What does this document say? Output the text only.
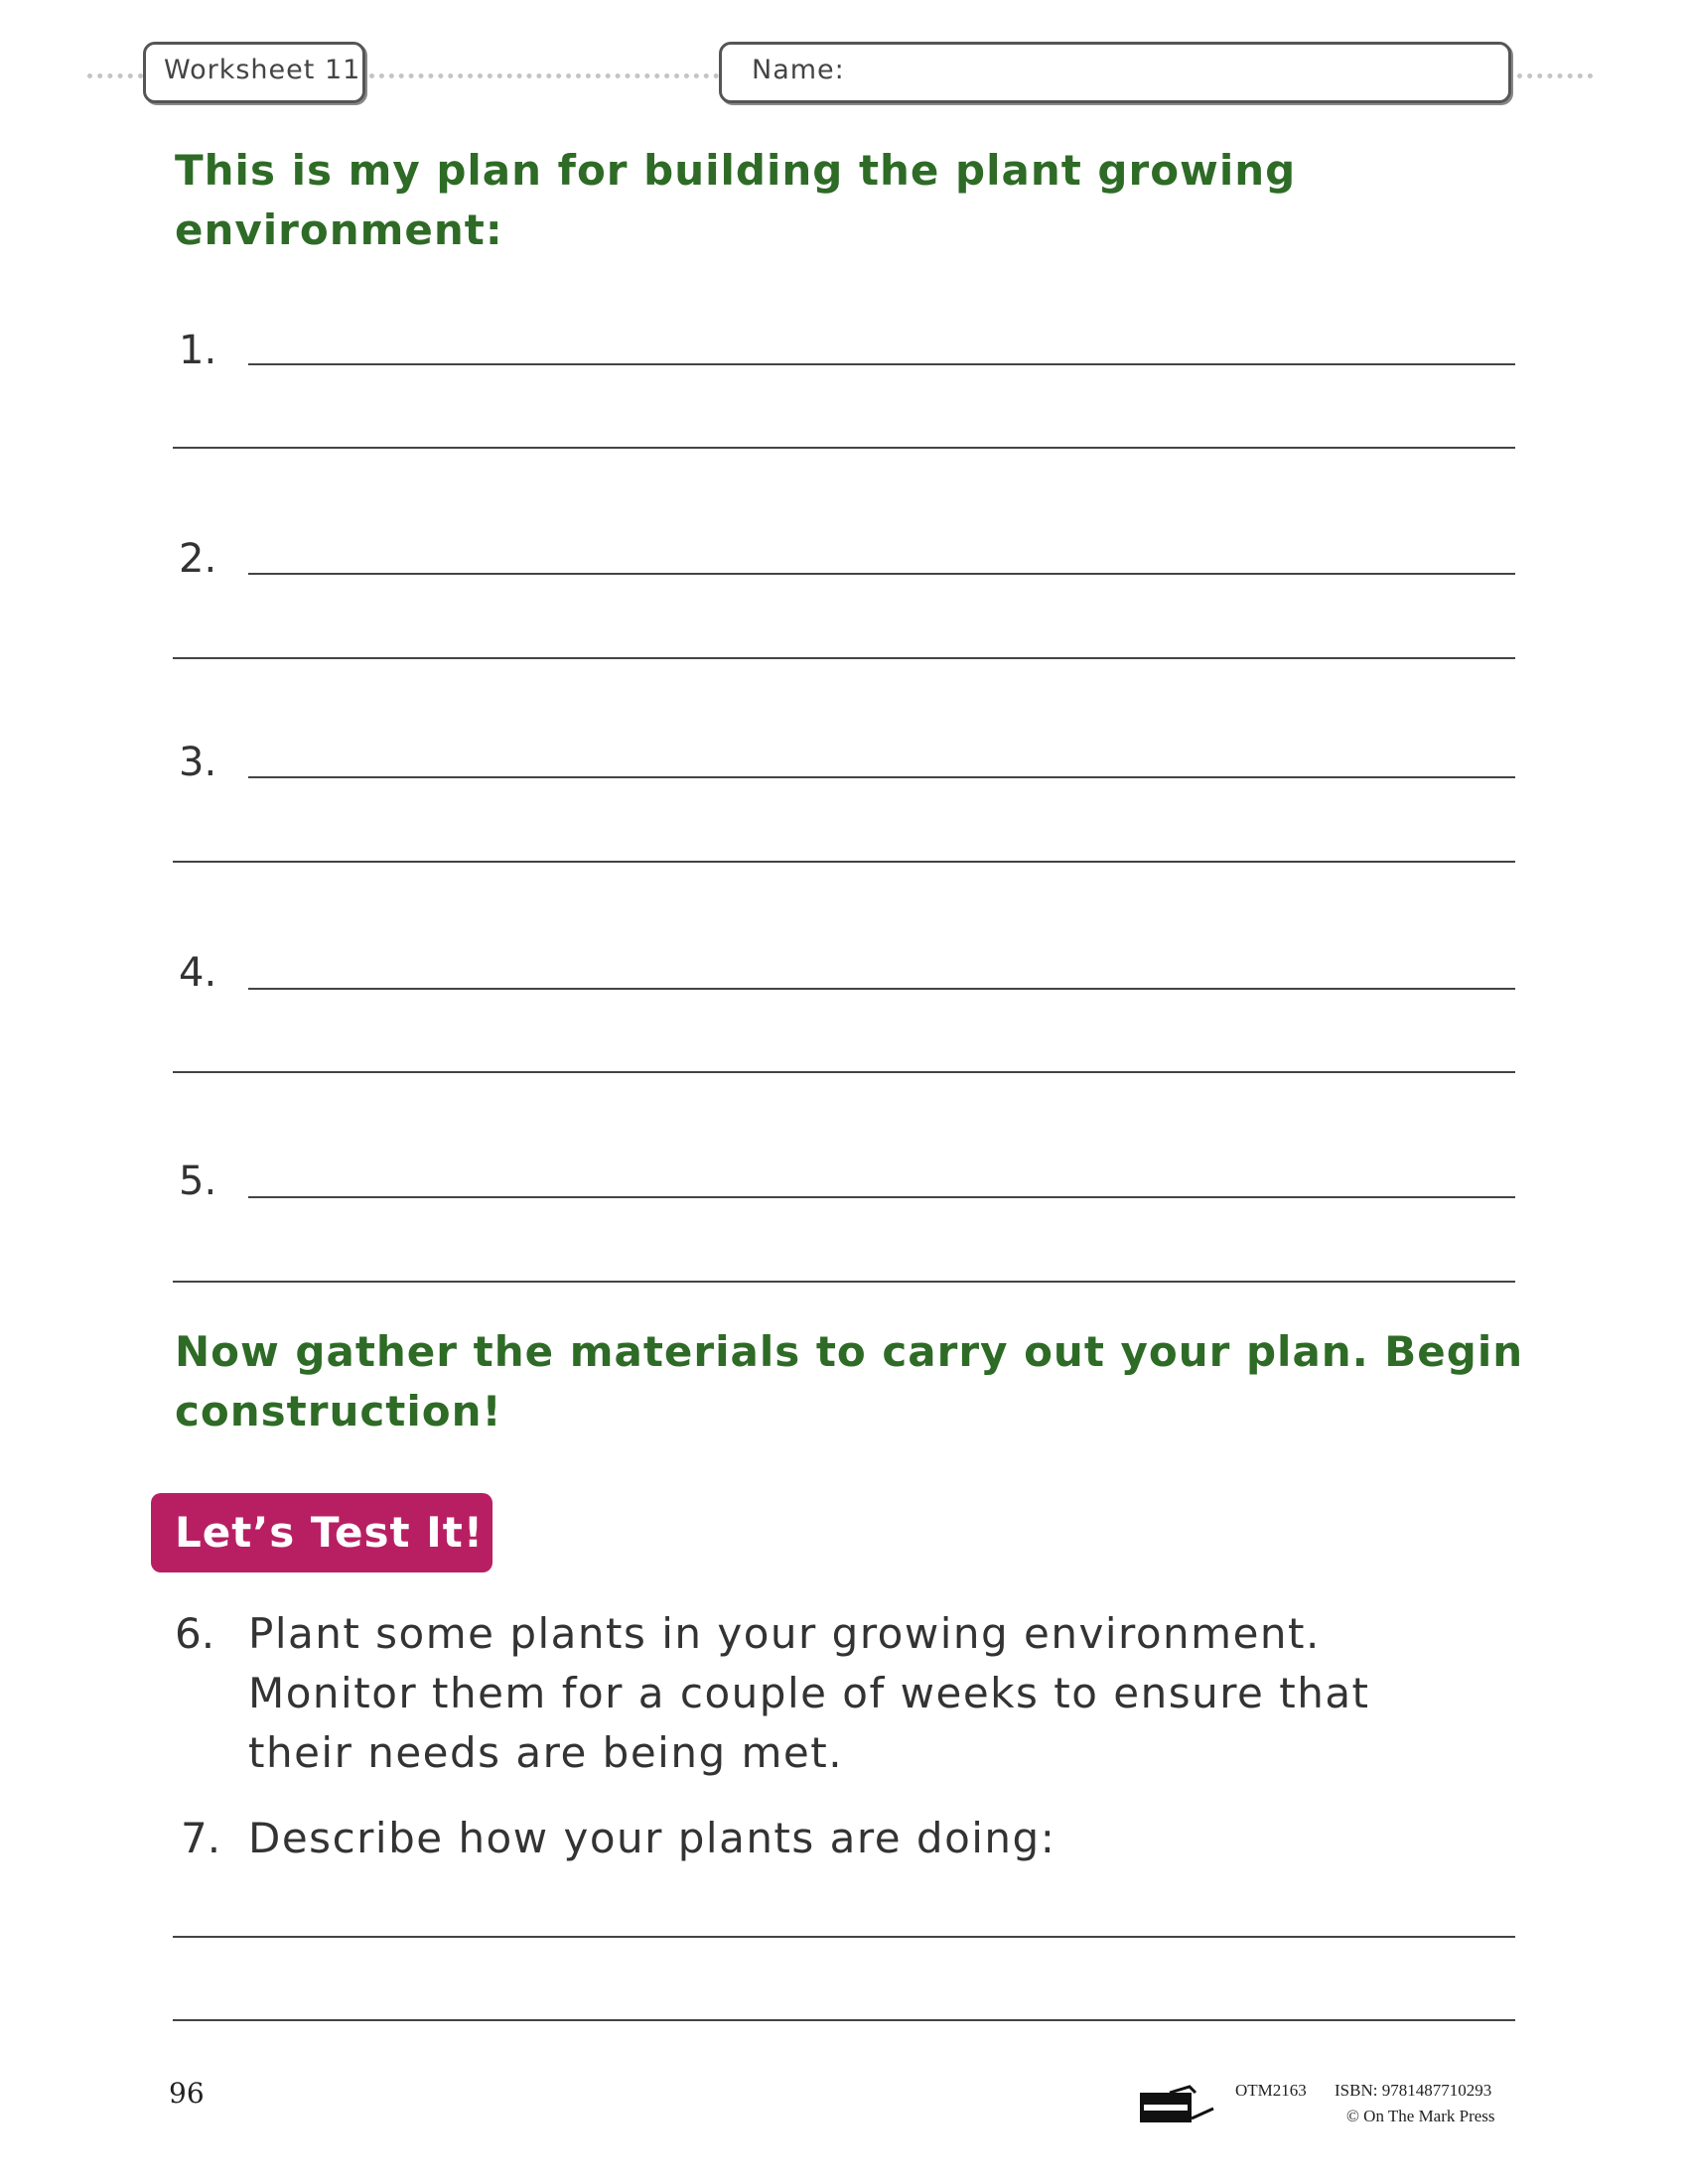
Worksheet 11	Name:
This is my plan for building the plant growing
environment:
1.
2.
3.
4.
5.
Now gather the materials to carry out your plan. Begin
construction!
Let’s Test It!
6. Plant some plants in your growing environment.
Monitor them for a couple of weeks to ensure that
their needs are being met.
7. Describe how your plants are doing:
96	OTM2163 ISBN: 9781487710293
© On The Mark Press
